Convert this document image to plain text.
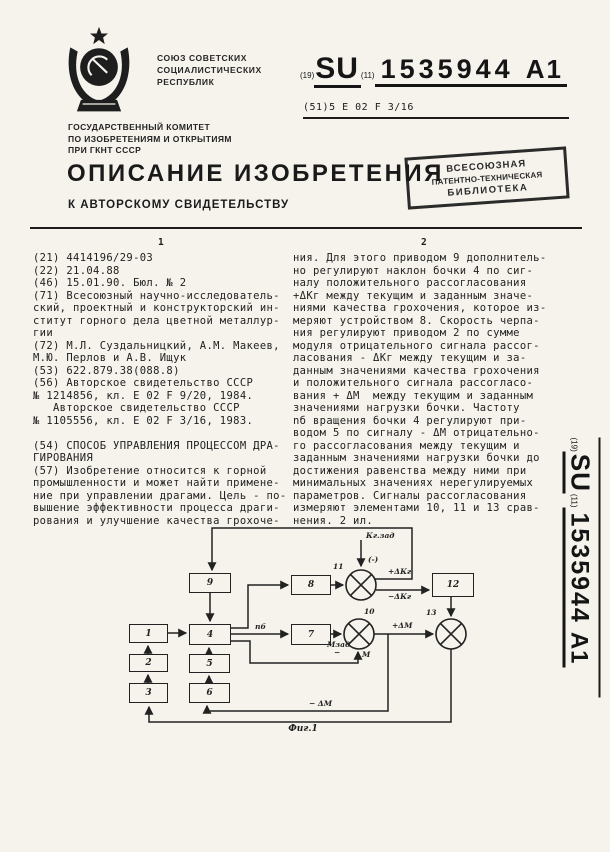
СОЮЗ СОВЕТСКИХ
СОЦИАЛИСТИЧЕСКИХ
РЕСПУБЛИК
(19)SU (11) 1535944 А1
(51)5 Е 02 F 3/16
ГОСУДАРСТВЕННЫЙ КОМИТЕТ
ПО ИЗОБРЕТЕНИЯМ И ОТКРЫТИЯМ
ПРИ ГКНТ СССР
ВСЕСОЮЗНАЯ
ПАТЕНТНО-ТЕХНИЧЕСКАЯ
БИБЛИОТЕКА
ОПИСАНИЕ ИЗОБРЕТЕНИЯ
К АВТОРСКОМУ СВИДЕТЕЛЬСТВУ
1	2
(21) 4414196/29-03
(22) 21.04.88
(46) 15.01.90. Бюл. № 2
(71) Всесоюзный научно-исследователь-
ский, проектный и конструкторский ин-
ститут горного дела цветной металлур-
гии
(72) М.Л. Суздальницкий, А.М. Макеев,
М.Ю. Перлов и А.В. Ищук
(53) 622.879.38(088.8)
(56) Авторское свидетельство СССР
№ 1214856, кл. Е 02 F 9/20, 1984.
Авторское свидетельство СССР
№ 1105556, кл. Е 02 F 3/16, 1983.

(54) СПОСОБ УПРАВЛЕНИЯ ПРОЦЕССОМ ДРА-
ГИРОВАНИЯ
(57) Изобретение относится к горной
промышленности и может найти примене-
ние при управлении драгами. Цель - по-
вышение эффективности процесса драги-
рования и улучшение качества грохоче-
ния. Для этого приводом 9 дополнитель-
но регулируют наклон бочки 4 по сиг-
налу положительного рассогласования
+ΔКг между текущим и заданным значе-
ниями качества грохочения, которое из-
меряют устройством 8. Скорость черпа-
ния регулируют приводом 2 по сумме
модуля отрицательного сигнала рассог-
ласования - ΔКг между текущим и за-
данным значениями качества грохочения
и положительного сигнала рассогласо-
вания + ΔМ  между текущим и заданным
значениями нагрузки бочки. Частоту
nб вращения бочки 4 регулируют при-
водом 5 по сигналу - ΔМ отрицательно-
го рассогласования между текущим и
заданным значениями нагрузки бочки до
достижения равенства между ними при
минимальных значениях нерегулируемых
параметров. Сигналы рассогласования
измеряют элементами 10, 11 и 13 срав-
нения. 2 ил.
1
2
3
4
5
6
9	8
7
12
11
10	13
Кг.зад
(-)
+ΔКг
−ΔКг
nб
Мзад
−	М
+ΔМ
− ΔМ
Фиг.1
(19)SU(11)1535944А1
